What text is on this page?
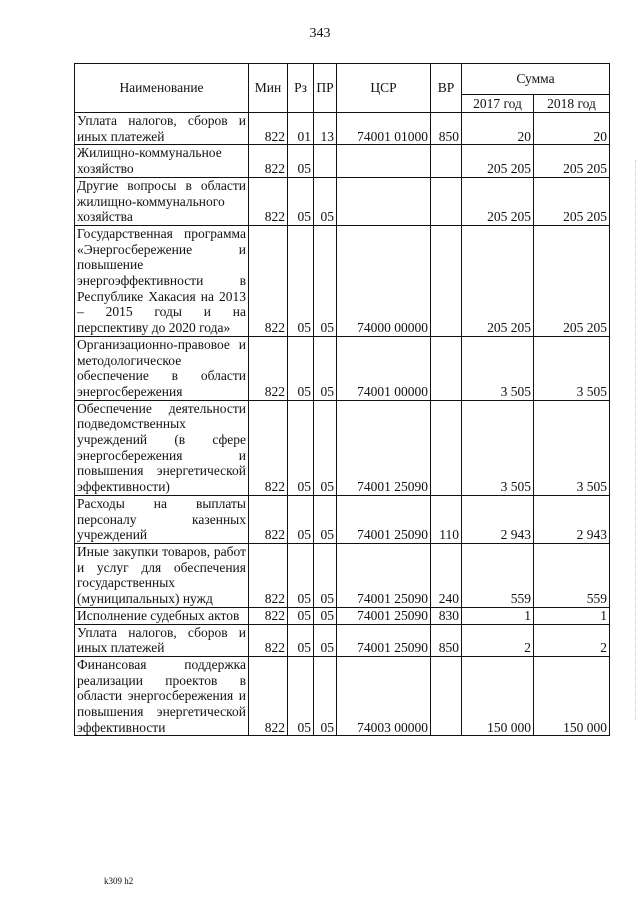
343
Наименование	Мин	Рз	ПР	ЦСР	ВР	Сумма	
						2017 год	2018 год
Уплата налогов, сборов и иных платежей	822	01	13	74001 01000	850	20	20
Жилищно-коммунальное хозяйство	822	05				205 205	205 205
Другие вопросы в области жилищно-коммунального хозяйства	822	05	05			205 205	205 205
Государственная программа «Энергосбережение и повышение энергоэффективности в Республике Хакасия на 2013 – 2015 годы и на перспективу до 2020 года»	822	05	05	74000 00000		205 205	205 205
Организационно-правовое и методологическое обеспечение в области энергосбережения	822	05	05	74001 00000		3 505	3 505
Обеспечение деятельности подведомственных учреждений (в сфере энергосбережения и повышения энергетической эффективности)	822	05	05	74001 25090		3 505	3 505
Расходы на выплаты персоналу казенных учреждений	822	05	05	74001 25090	110	2 943	2 943
Иные закупки товаров, работ и услуг для обеспечения государственных (муниципальных) нужд	822	05	05	74001 25090	240	559	559
Исполнение судебных актов	822	05	05	74001 25090	830	1	1
Уплата налогов, сборов и иных платежей	822	05	05	74001 25090	850	2	2
Финансовая поддержка реализации проектов в области энергосбережения и повышения энергетической эффективности	822	05	05	74003 00000		150 000	150 000
k309 h2
